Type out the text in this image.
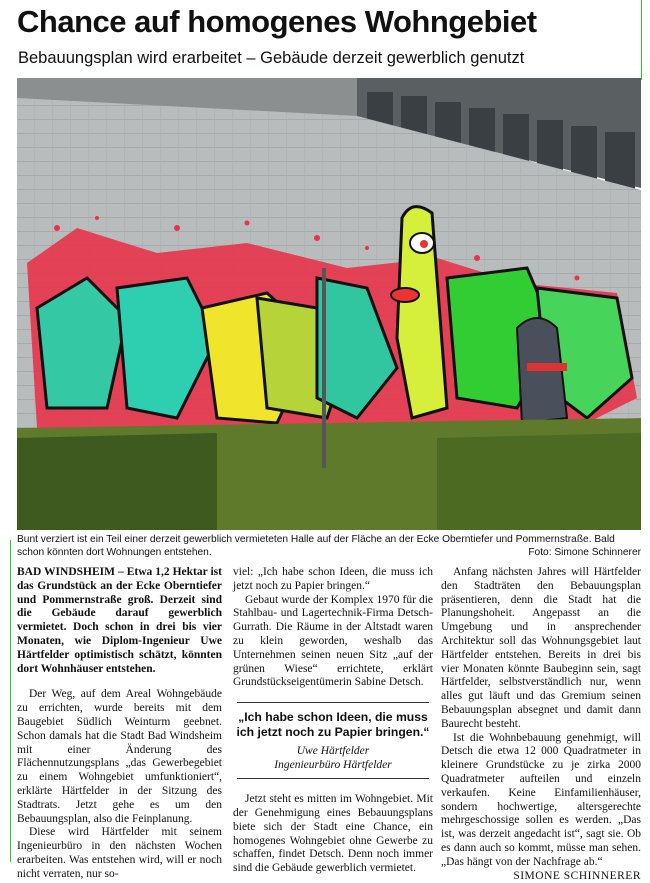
Chance auf homogenes Wohngebiet
Bebauungsplan wird erarbeitet – Gebäude derzeit gewerblich genutzt
Bunt verziert ist ein Teil einer derzeit gewerblich vermieteten Halle auf der Fläche an der Ecke Oberntiefer und Pommernstraße. Bald schon könnten dort Wohnungen entstehen.	Foto: Simone Schinnerer

BAD WINDSHEIM – Etwa 1,2 Hektar ist das Grundstück an der Ecke Oberntiefer und Pommernstraße groß. Derzeit sind die Gebäude darauf gewerblich vermietet. Doch schon in drei bis vier Monaten, wie Diplom-Ingenieur Uwe Härtfelder optimistisch schätzt, könnten dort Wohnhäuser entstehen.

Der Weg, auf dem Areal Wohngebäude zu errichten, wurde bereits mit dem Baugebiet Südlich Weinturm geebnet. Schon damals hat die Stadt Bad Windsheim mit einer Änderung des Flächennutzungsplans „das Gewerbegebiet zu einem Wohngebiet umfunktioniert“, erklärte Härtfelder in der Sitzung des Stadtrats. Jetzt gehe es um den Bebauungsplan, also die Feinplanung.

Diese wird Härtfelder mit seinem Ingenieurbüro in den nächsten Wochen erarbeiten. Was entstehen wird, will er noch nicht verraten, nur so-

viel: „Ich habe schon Ideen, die muss ich jetzt noch zu Papier bringen.“

Gebaut wurde der Komplex 1970 für die Stahlbau- und Lagertechnik-Firma Detsch-Gurrath. Die Räume in der Altstadt waren zu klein geworden, weshalb das Unternehmen seinen neuen Sitz „auf der grünen Wiese“ errichtete, erklärt Grundstückseigentümerin Sabine Detsch.

„Ich habe schon Ideen, die muss ich jetzt noch zu Papier bringen.“
Uwe Härtfelder
Ingenieurbüro Härtfelder

Jetzt steht es mitten im Wohngebiet. Mit der Genehmigung eines Bebauungsplans biete sich der Stadt eine Chance, ein homogenes Wohngebiet ohne Gewerbe zu schaffen, findet Detsch. Denn noch immer sind die Gebäude gewerblich vermietet.

Anfang nächsten Jahres will Härtfelder den Stadträten den Bebauungsplan präsentieren, denn die Stadt hat die Planungshoheit. Angepasst an die Umgebung und in ansprechender Architektur soll das Wohnungsgebiet laut Härtfelder entstehen. Bereits in drei bis vier Monaten könnte Baubeginn sein, sagt Härtfelder, selbstverständlich nur, wenn alles gut läuft und das Gremium seinen Bebauungsplan absegnet und damit dann Baurecht besteht.

Ist die Wohnbebauung genehmigt, will Detsch die etwa 12 000 Quadratmeter in kleinere Grundstücke zu je zirka 2000 Quadratmeter aufteilen und einzeln verkaufen. Keine Einfamilienhäuser, sondern hochwertige, altersgerechte mehrgeschossige sollen es werden. „Das ist, was derzeit angedacht ist“, sagt sie. Ob es dann auch so kommt, müsse man sehen. „Das hängt von der Nachfrage ab.“

SIMONE SCHINNERER
